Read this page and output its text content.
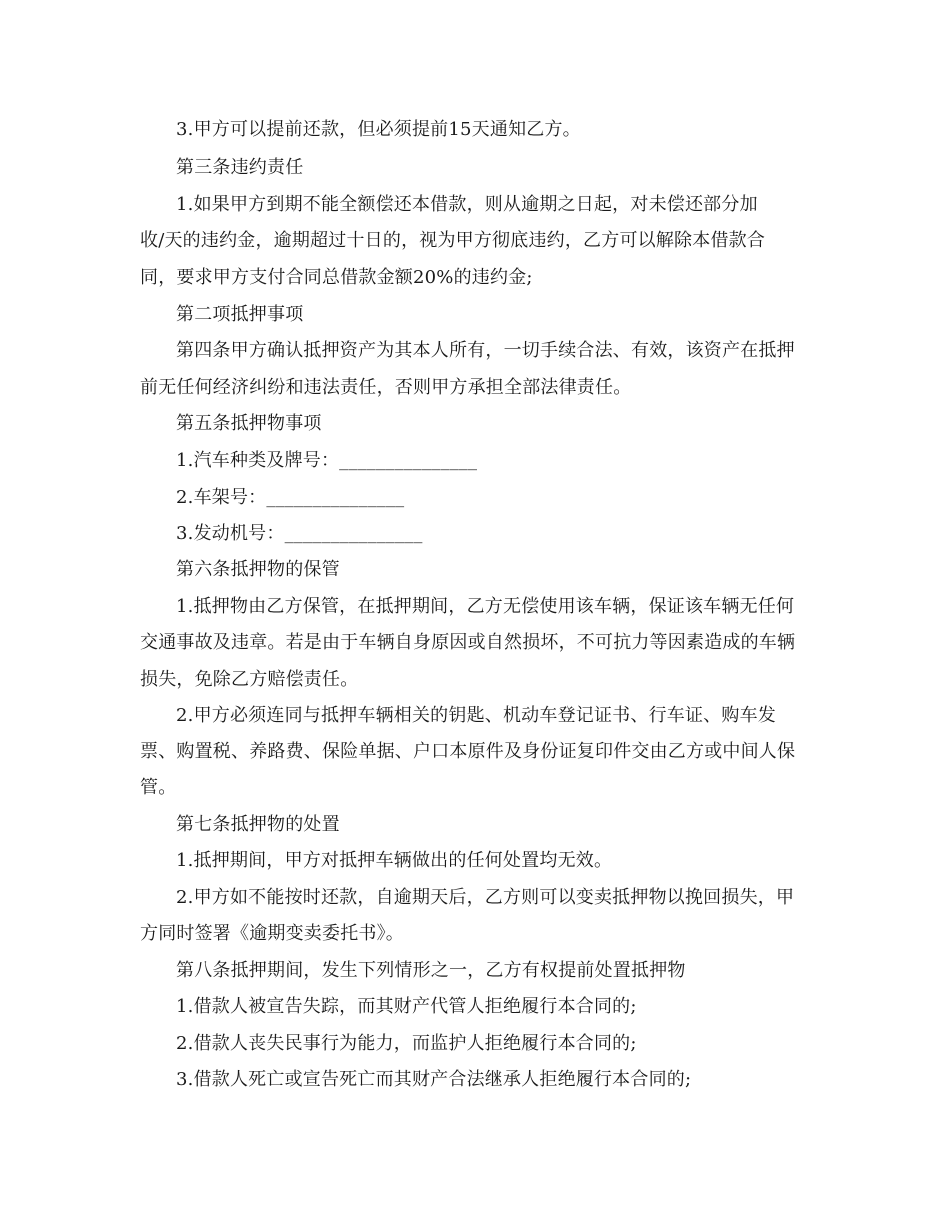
3.甲方可以提前还款，但必须提前15天通知乙方。
第三条违约责任
1.如果甲方到期不能全额偿还本借款，则从逾期之日起，对未偿还部分加
收/天的违约金，逾期超过十日的，视为甲方彻底违约，乙方可以解除本借款合
同，要求甲方支付合同总借款金额20%的违约金;
第二项抵押事项
第四条甲方确认抵押资产为其本人所有，一切手续合法、有效，该资产在抵押
前无任何经济纠纷和违法责任，否则甲方承担全部法律责任。
第五条抵押物事项
1.汽车种类及牌号：_______________
2.车架号：_______________
3.发动机号：_______________
第六条抵押物的保管
1.抵押物由乙方保管，在抵押期间，乙方无偿使用该车辆，保证该车辆无任何
交通事故及违章。若是由于车辆自身原因或自然损坏，不可抗力等因素造成的车辆
损失，免除乙方赔偿责任。
2.甲方必须连同与抵押车辆相关的钥匙、机动车登记证书、行车证、购车发
票、购置税、养路费、保险单据、户口本原件及身份证复印件交由乙方或中间人保
管。
第七条抵押物的处置
1.抵押期间，甲方对抵押车辆做出的任何处置均无效。
2.甲方如不能按时还款，自逾期天后，乙方则可以变卖抵押物以挽回损失，甲
方同时签署《逾期变卖委托书》。
第八条抵押期间，发生下列情形之一，乙方有权提前处置抵押物
1.借款人被宣告失踪，而其财产代管人拒绝履行本合同的;
2.借款人丧失民事行为能力，而监护人拒绝履行本合同的;
3.借款人死亡或宣告死亡而其财产合法继承人拒绝履行本合同的;
